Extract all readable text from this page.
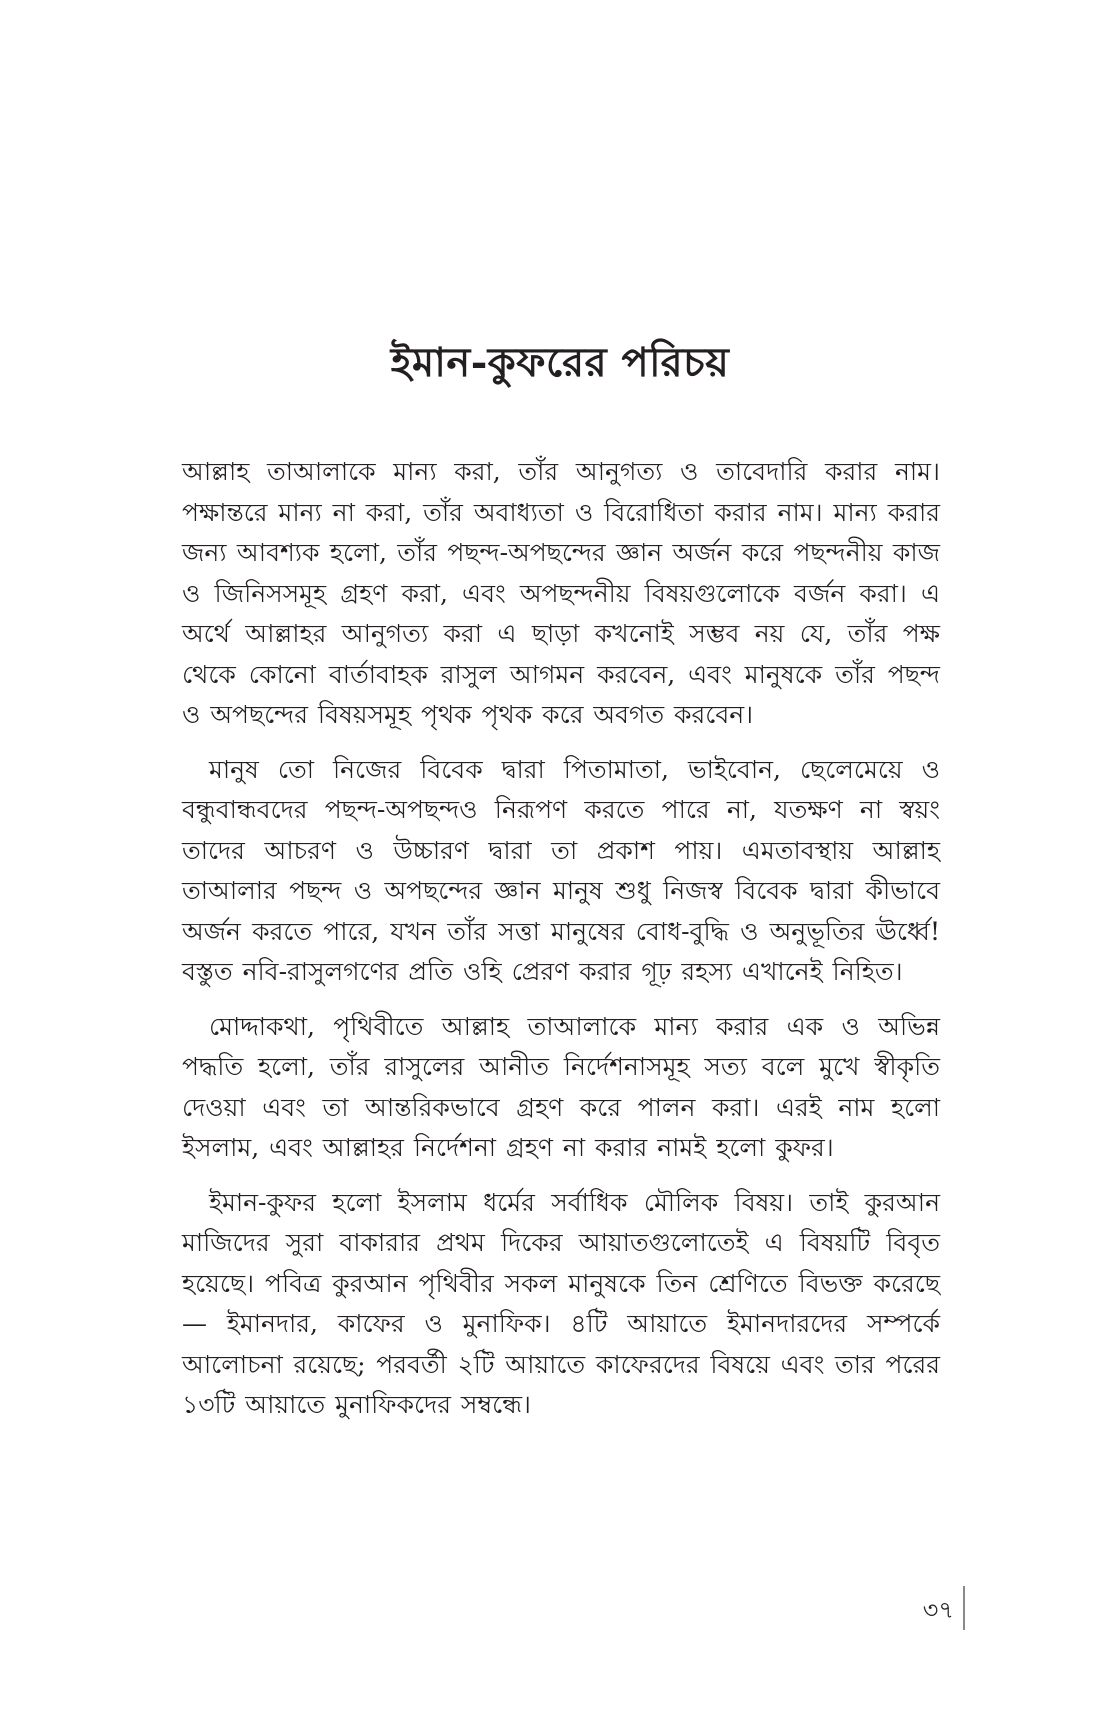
ইমান-কুফরের পরিচয়

আল্লাহ তাআলাকে মান্য করা, তাঁর আনুগত্য ও তাবেদারি করার নাম। পক্ষান্তরে মান্য না করা, তাঁর অবাধ্যতা ও বিরোধিতা করার নাম। মান্য করার জন্য আবশ্যক হলো, তাঁর পছন্দ-অপছন্দের জ্ঞান অর্জন করে পছন্দনীয় কাজ ও জিনিসসমূহ গ্রহণ করা, এবং অপছন্দনীয় বিষয়গুলোকে বর্জন করা। এ অর্থে আল্লাহর আনুগত্য করা এ ছাড়া কখনোই সম্ভব নয় যে, তাঁর পক্ষ থেকে কোনো বার্তাবাহক রাসুল আগমন করবেন, এবং মানুষকে তাঁর পছন্দ ও অপছন্দের বিষয়সমূহ পৃথক পৃথক করে অবগত করবেন।

মানুষ তো নিজের বিবেক দ্বারা পিতামাতা, ভাইবোন, ছেলেমেয়ে ও বন্ধুবান্ধবদের পছন্দ-অপছন্দও নিরূপণ করতে পারে না, যতক্ষণ না স্বয়ং তাদের আচরণ ও উচ্চারণ দ্বারা তা প্রকাশ পায়। এমতাবস্থায় আল্লাহ তাআলার পছন্দ ও অপছন্দের জ্ঞান মানুষ শুধু নিজস্ব বিবেক দ্বারা কীভাবে অর্জন করতে পারে, যখন তাঁর সত্তা মানুষের বোধ-বুদ্ধি ও অনুভূতির ঊর্ধ্বে! বস্তুত নবি-রাসুলগণের প্রতি ওহি প্রেরণ করার গূঢ় রহস্য এখানেই নিহিত।

মোদ্দাকথা, পৃথিবীতে আল্লাহ তাআলাকে মান্য করার এক ও অভিন্ন পদ্ধতি হলো, তাঁর রাসুলের আনীত নির্দেশনাসমূহ সত্য বলে মুখে স্বীকৃতি দেওয়া এবং তা আন্তরিকভাবে গ্রহণ করে পালন করা। এরই নাম হলো ইসলাম, এবং আল্লাহর নির্দেশনা গ্রহণ না করার নামই হলো কুফর।

ইমান-কুফর হলো ইসলাম ধর্মের সর্বাধিক মৌলিক বিষয়। তাই কুরআন মাজিদের সুরা বাকারার প্রথম দিকের আয়াতগুলোতেই এ বিষয়টি বিবৃত হয়েছে। পবিত্র কুরআন পৃথিবীর সকল মানুষকে তিন শ্রেণিতে বিভক্ত করেছে— ইমানদার, কাফের ও মুনাফিক। ৪টি আয়াতে ইমানদারদের সম্পর্কে আলোচনা রয়েছে; পরবর্তী ২টি আয়াতে কাফেরদের বিষয়ে এবং তার পরের ১৩টি আয়াতে মুনাফিকদের সম্বন্ধে।

৩৭
